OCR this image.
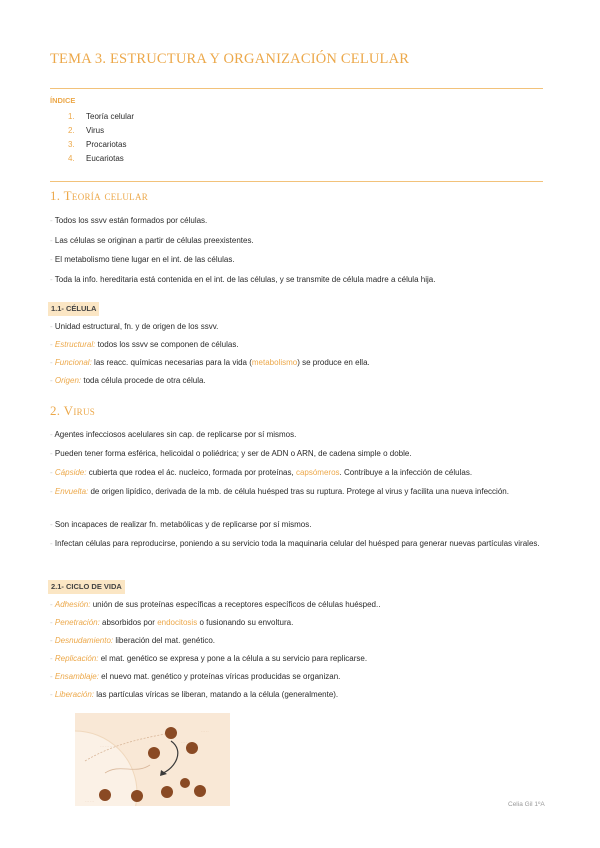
TEMA 3. ESTRUCTURA Y ORGANIZACIÓN CELULAR
ÍNDICE
1. Teoría celular
2. Virus
3. Procariotas
4. Eucariotas
1. Teoría celular
- Todos los ssvv están formados por células.
- Las células se originan a partir de células preexistentes.
- El metabolismo tiene lugar en el int. de las células.
- Toda la info. hereditaria está contenida en el int. de las células, y se transmite de célula madre a célula hija.
1.1- CÉLULA
- Unidad estructural, fn. y de origen de los ssvv.
- Estructural: todos los ssvv se componen de células.
- Funcional: las reacc. químicas necesarias para la vida (metabolismo) se produce en ella.
- Origen: toda célula procede de otra célula.
2. Virus
- Agentes infecciosos acelulares sin cap. de replicarse por sí mismos.
- Pueden tener forma esférica, helicoidal o poliédrica; y ser de ADN o ARN, de cadena simple o doble.
- Cápside: cubierta que rodea el ác. nucleico, formada por proteínas, capsómeros. Contribuye a la infección de células.
- Envuelta: de origen lipídico, derivada de la mb. de célula huésped tras su ruptura. Protege al virus y facilita una nueva infección.
- Son incapaces de realizar fn. metabólicas y de replicarse por sí mismos.
- Infectan células para reproducirse, poniendo a su servicio toda la maquinaria celular del huésped para generar nuevas partículas virales.
2.1- CICLO DE VIDA
- Adhesión: unión de sus proteínas específicas a receptores específicos de células huésped..
- Penetración: absorbidos por endocitosis o fusionando su envoltura.
- Desnudamiento: liberación del mat. genético.
- Replicación: el mat. genético se expresa y pone a la célula a su servicio para replicarse.
- Ensamblaje: el nuevo mat. genético y proteínas víricas producidas se organizan.
- Liberación: las partículas víricas se liberan, matando a la célula (generalmente).
· · · · · · · ·
· · · · · ·
· · · · ·
· · · · · ·	Celia Gil 1ºA
